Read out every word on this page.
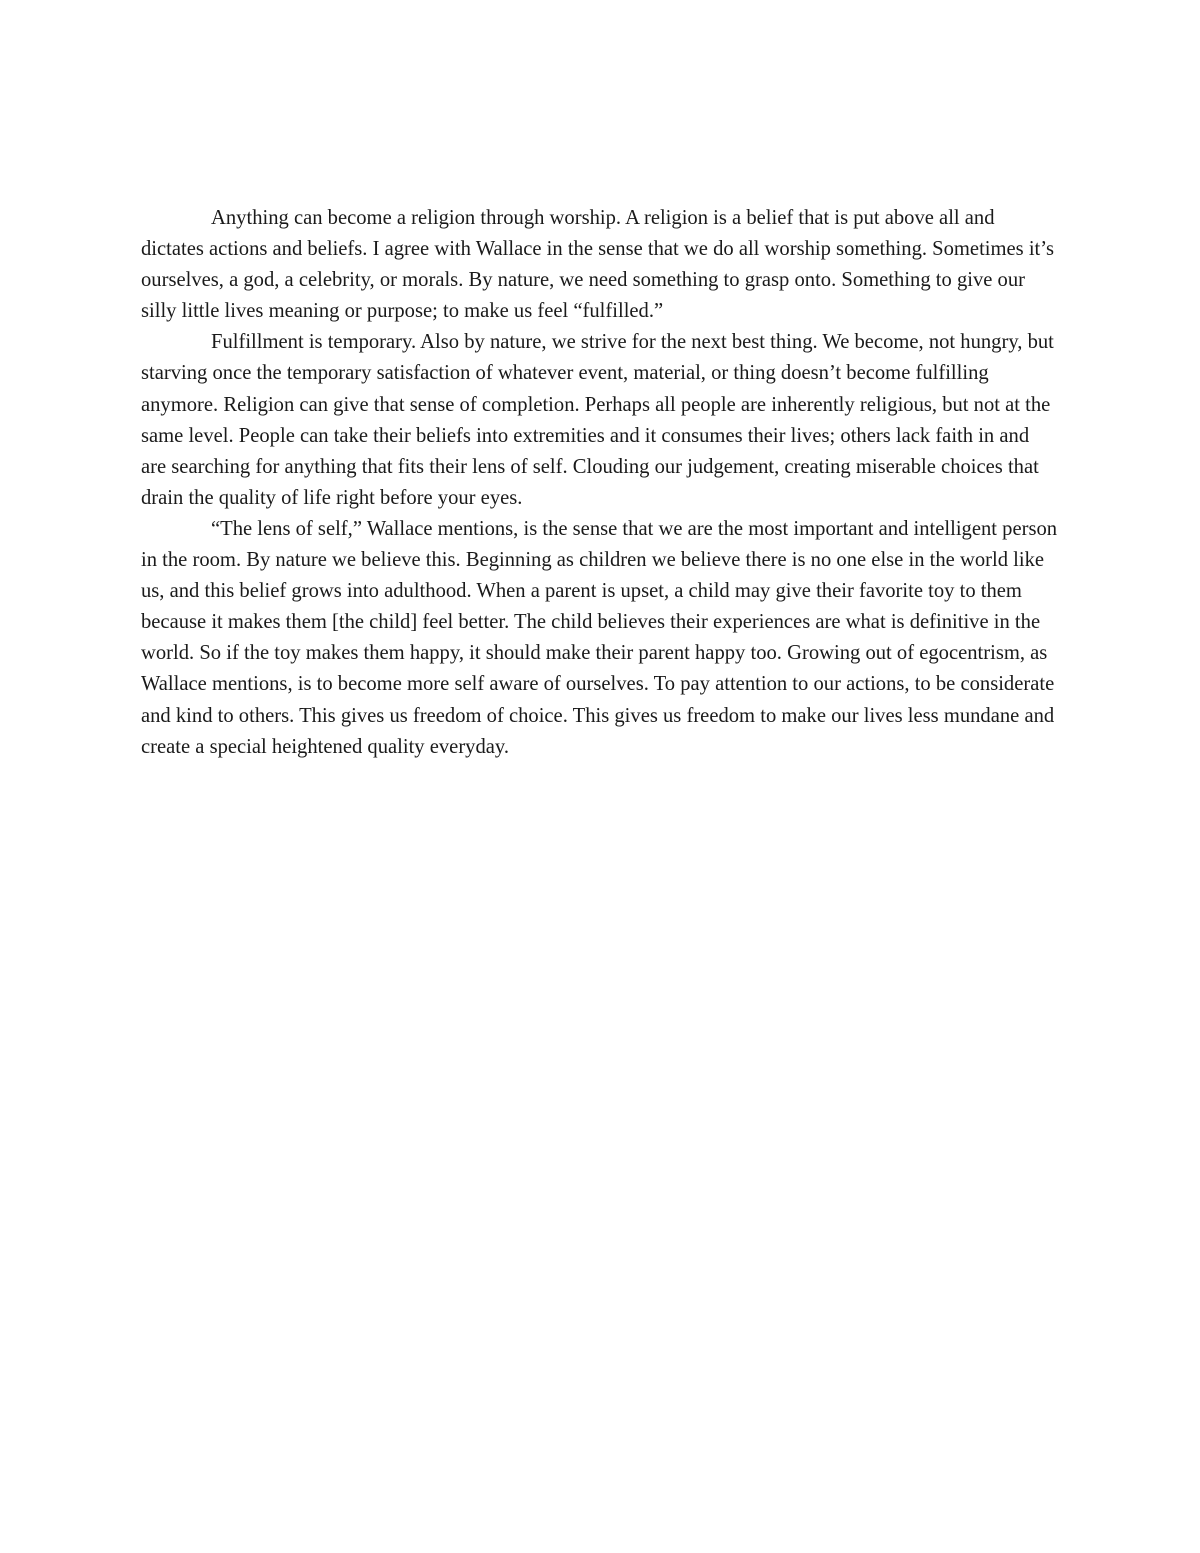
Anything can become a religion through worship. A religion is a belief that is put above all and dictates actions and beliefs. I agree with Wallace in the sense that we do all worship something. Sometimes it’s ourselves, a god, a celebrity, or morals. By nature, we need something to grasp onto. Something to give our silly little lives meaning or purpose; to make us feel “fulfilled.”

Fulfillment is temporary. Also by nature, we strive for the next best thing. We become, not hungry, but starving once the temporary satisfaction of whatever event, material, or thing doesn’t become fulfilling anymore. Religion can give that sense of completion. Perhaps all people are inherently religious, but not at the same level. People can take their beliefs into extremities and it consumes their lives; others lack faith in and are searching for anything that fits their lens of self. Clouding our judgement, creating miserable choices that drain the quality of life right before your eyes.

“The lens of self,” Wallace mentions, is the sense that we are the most important and intelligent person in the room. By nature we believe this. Beginning as children we believe there is no one else in the world like us, and this belief grows into adulthood. When a parent is upset, a child may give their favorite toy to them because it makes them [the child] feel better. The child believes their experiences are what is definitive in the world. So if the toy makes them happy, it should make their parent happy too. Growing out of egocentrism, as Wallace mentions, is to become more self aware of ourselves. To pay attention to our actions, to be considerate and kind to others. This gives us freedom of choice. This gives us freedom to make our lives less mundane and create a special heightened quality everyday.
